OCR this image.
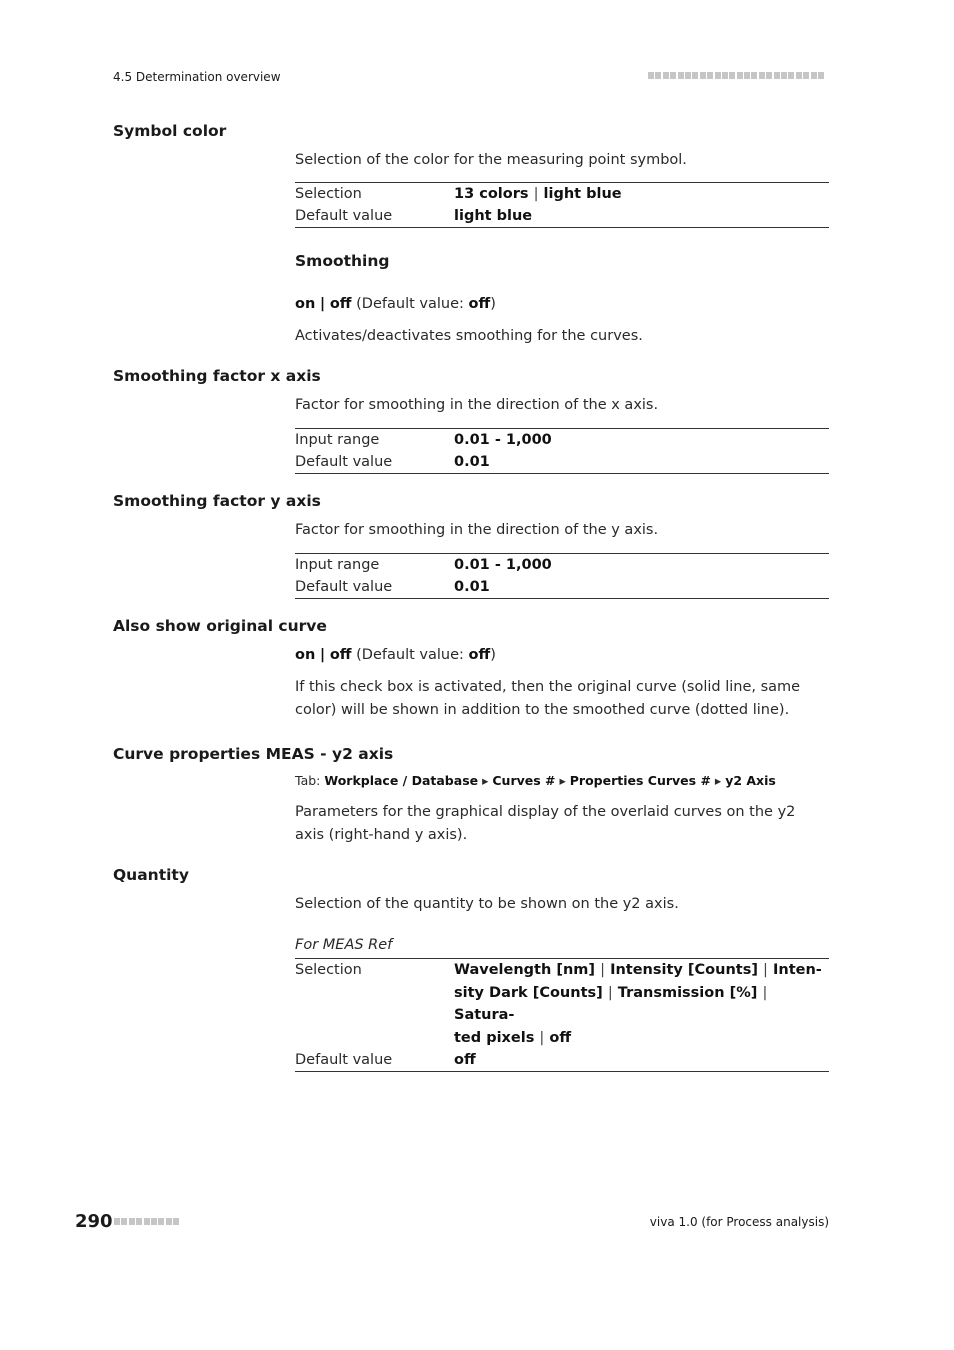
4.5 Determination overview
Symbol color
Selection of the color for the measuring point symbol.
Selection	13 colors | light blue
Default value	light blue
Smoothing
on | off (Default value: off)
Activates/deactivates smoothing for the curves.
Smoothing factor x axis
Factor for smoothing in the direction of the x axis.
Input range	0.01 - 1,000
Default value	0.01
Smoothing factor y axis
Factor for smoothing in the direction of the y axis.
Input range	0.01 - 1,000
Default value	0.01
Also show original curve
on | off (Default value: off)
If this check box is activated, then the original curve (solid line, same color) will be shown in addition to the smoothed curve (dotted line).
Curve properties MEAS - y2 axis
Tab: Workplace / Database ▸ Curves # ▸ Properties Curves # ▸ y2 Axis
Parameters for the graphical display of the overlaid curves on the y2 axis (right-hand y axis).
Quantity
Selection of the quantity to be shown on the y2 axis.
For MEAS Ref
Selection	Wavelength [nm] | Intensity [Counts] | Inten-
sity Dark [Counts] | Transmission [%] | Satura-
ted pixels | off
Default value	off
290	viva 1.0 (for Process analysis)
